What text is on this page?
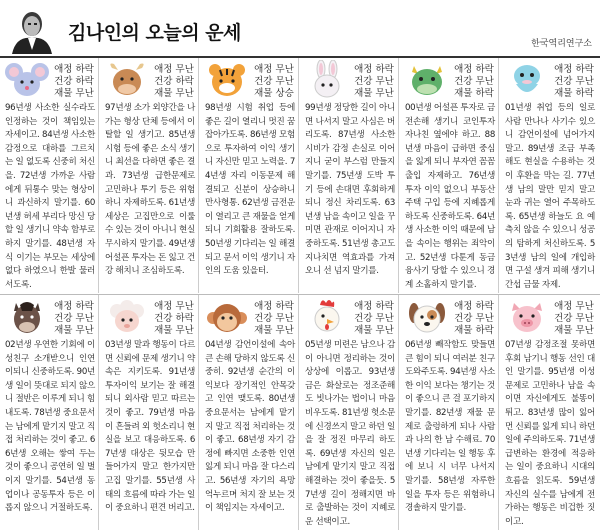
김나인의 오늘의 운세	한국역리연구소
애정 하락
건강 하락
재물 무난
96년생 사소한 실수라도 인정하는 것이 책임있는 자세이고. 84년생 사소한 감정으로 대하를 그르치는 일 없도록 신중히 처신을. 72년생 가까운 사람에게 뒤통수 맞는 형상이니 과신하지 말기를. 60년생 허세 부리다 망신 당할 일 생기니 약속 함부로 하지 말기를. 48년생 자식 이기는 부모는 세상에 없다 하였으니 한발 물러서도록.
애정 무난
건강 하락
재물 무난
97년생 소가 외양간을 나가는 형상 단체 등에서 이탈할 일 생기고. 85년생 시험 등에 좋은 소식 생기니 최선을 다하면 좋은 결과. 73년생 급한문제로 고민하나 투기 등은 위험하니 자제하도록. 61년생 세상은 고집만으로 이룰 수 있는 것이 아니니 현실 무시하지 말기를. 49년생 어설픈 투자는 돈 잃고 건강 해치니 조심하도록.
애정 무난
건강 무난
재물 상승
98년생 시험 취업 등에 좋은 길이 열리니 멋진 꿈 잡아가도록. 86년생 모험으로 투자하여 이익 생기니 자신만 믿고 노력을. 74년생 자리 이동문제 해결되고 신분이 상승하니 만사형통. 62년생 금전운이 열리고 큰 재물을 얻게 되니 기회활용 잘하도록. 50년생 기다리는 일 해결되고 문서 이익 생기니 자인의 도움 있을터.
애정 하락
건강 무난
재물 무난
99년생 정당한 길이 아니면 나서지 말고 사심은 버리도록. 87년생 사소한 시비가 감정 손실로 이어지니 굳이 부스럼 만들지 말기를. 75년생 도박 투기 등에 손대면 후회하게 되니 정신 차리도록. 63년생 남을 속이고 일을 꾸미면 관재로 이어지니 자중하도록. 51년생 총고도 지나치면 역효과를 가져오니 선 넘지 말기를.
애정 하락
건강 무난
재물 하락
00년생 어설픈 투자로 금전손해 생기니 코인투자 자나친 옆에야 하고. 88년생 마음이 급하면 중심을 잃게 되니 부자연 꼼꼼 출입 자제하고. 76년생 투자 이익 없으니 부동산 주택 구입 등에 지혜롭게 하도록 신중하도록. 64년생 사소한 이익 때문에 남을 속이는 행위는 죄악이고. 52년생 다툰게 동금융사기 당할 수 있으니 경계 소홀하지 말기를.
애정 하락
건강 무난
재물 하락
01년생 취업 등의 일로 사람 만나나 사기수 있으니 감언이설에 넘어가지 말고. 89년생 조금 부족해도 현실을 수용하는 것이 후환을 막는 길. 77년생 남의 말만 믿지 말고 눈과 귀는 열어 주목하도록. 65년생 하늘도 요 예측치 않을 수 있으니 성공의 탐하게 처신하도록. 53년생 남의 일에 개입하면 구설 생겨 피해 생기니 간섭 금물 자제.
애정 하락
건강 무난
재물 무난
02년생 우연한 기회에 이성친구 소개받으니 인연 이되니 신중하도록. 90년생 일이 뜻대로 되지 않으니 절반은 이루게 되니 힘내도록. 78년생 중요문서는 남에게 맡기지 말고 직접 처리하는 것이 좋고. 66년생 오해는 쌓여 두는 것이 좋으니 공연히 일 벌이지 말기를. 54년생 동업이나 공동투자 등은 이롭지 않으니 거절하도록.
애정 무난
건강 하락
재물 무난
03년생 말과 행동이 다르면 신뢰에 문제 생기니 약속은 지키도록. 91년생 투자이익 보기는 잘 해결되니 외사람 믿고 따르는 것이 좋고. 79년생 마음이 흔들려 외 헛소리니 현실을 보고 대응하도록. 67년생 대상은 뒷모습 만 들어가지 말고 한가지만 고집 말기를. 55년생 사태의 흐름에 따라 가는 일이 중요하니 편견 버리고.
애정 하락
건강 무난
재물 무난
04년생 감언이설에 속아 큰 손해 당하지 않도록 신중히. 92년생 순간의 이익보다 장기적인 안목갖고 인연 맺도록. 80년생 중요문서는 남에게 맡기지 말고 직접 처리하는 것이 좋고. 68년생 자기 감정에 빠지면 소중한 인연 잃게 되니 마음 잘 다스리고. 56년생 자기의 욕망 억누르며 처지 잘 보는 것이 책임지는 자세이고.
애정 하락
건강 무난
재물 무난
05년생 미련은 남으나 감이 아니면 정리하는 것이 상상에 이롭고. 93년생 금은 화살로는 정조준해도 빗나가는 법이니 마음 비우도록. 81년생 헛소문에 신경쓰지 말고 하던 일을 잘 정진 마무리 하도록. 69년생 자신의 일은 남에게 맡기지 말고 직접 해결하는 것이 좋을듯. 57년생 길이 정해지면 바로 출발하는 것이 지혜로운 선택이고.
애정 하락
건강 무난
재물 하락
06년생 빼작함도 맞들면 큰 힘이 되니 여러분 친구도와주도록. 94년생 사소한 이익 보다는 챙기는 것이 좋으니 큰 걸 포기하지 말기를. 82년생 재물 문제로 출렁하게 되나 사람 과 나의 한 남 수해료. 70년생 기다리는 일 행동 후에 보니 시 너무 나서지 말기를. 58년생 자루한 일을 투자 등은 위험하니 경솔하지 말기를.
애정 무난
건강 무난
재물 무난
07년생 감정조절 못하면 후회 남기니 행동 선인 대인 말기를. 95년생 이성문제로 고민하나 남을 속이면 자신에게도 불똥이 튀고. 83년생 많이 잃어 먼 신뢰를 잃게 되니 하던 일에 주의하도록. 71년생 급변하는 환경에 적응하는 일이 중요하니 시대의 흐름을 읽도록. 59년생 자신의 실수를 남에게 전가하는 행동은 비겁한 짓이고.
